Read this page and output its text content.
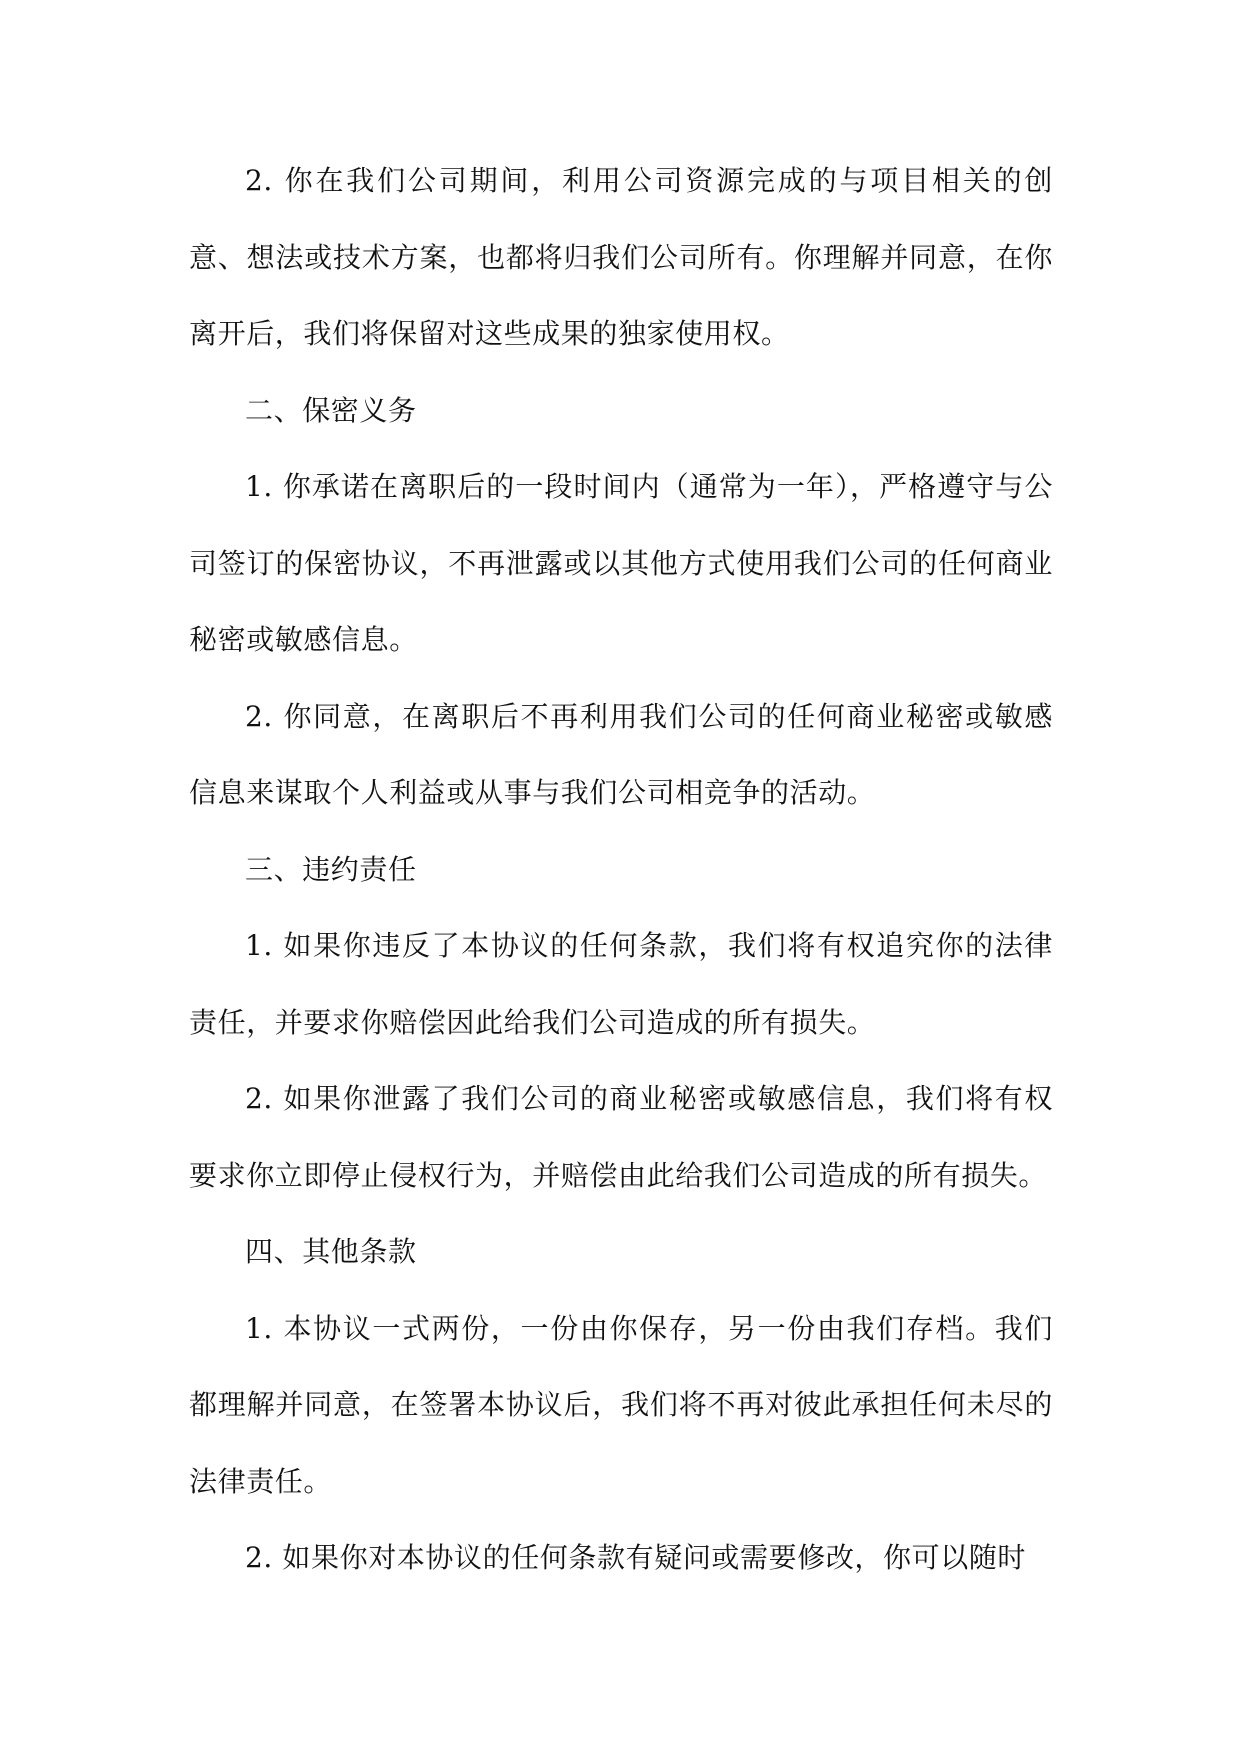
2. 你在我们公司期间，利用公司资源完成的与项目相关的创意、想法或技术方案，也都将归我们公司所有。你理解并同意，在你离开后，我们将保留对这些成果的独家使用权。

二、保密义务

1. 你承诺在离职后的一段时间内（通常为一年），严格遵守与公司签订的保密协议，不再泄露或以其他方式使用我们公司的任何商业秘密或敏感信息。

2. 你同意，在离职后不再利用我们公司的任何商业秘密或敏感信息来谋取个人利益或从事与我们公司相竞争的活动。

三、违约责任

1. 如果你违反了本协议的任何条款，我们将有权追究你的法律责任，并要求你赔偿因此给我们公司造成的所有损失。

2. 如果你泄露了我们公司的商业秘密或敏感信息，我们将有权要求你立即停止侵权行为，并赔偿由此给我们公司造成的所有损失。

四、其他条款

1. 本协议一式两份，一份由你保存，另一份由我们存档。我们都理解并同意，在签署本协议后，我们将不再对彼此承担任何未尽的法律责任。

2. 如果你对本协议的任何条款有疑问或需要修改，你可以随时
